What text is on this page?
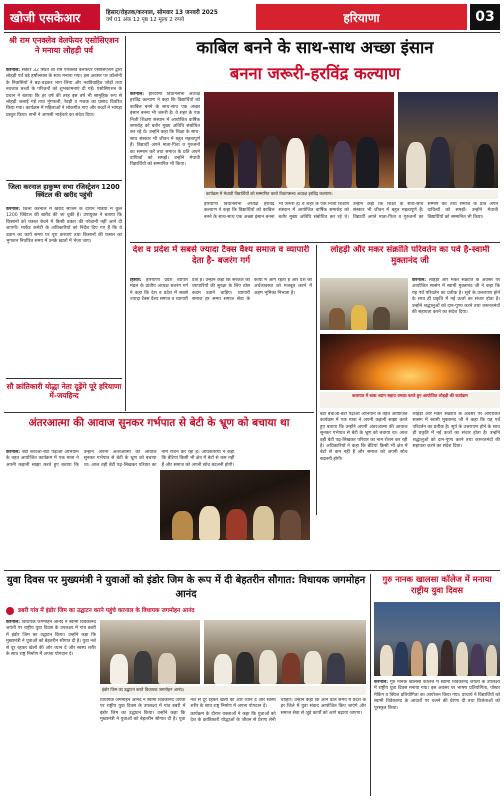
खोजी एसकेआर	हिसार/रोहतक/करनाल, सोमवार 13 जनवरी 2025
वर्ष 01 अंक 12 पृष्ठ 12 मूल्य 2 रुपये	हरियाणा	03
श्री राम एनक्लेव वेलफेयर एसोसिएशन ने मनाया लोहड़ी पर्व

करनाल: सेक्टर 32 स्थित श्री राम एनक्लेव वेलफेयर एसोसिएशन द्वारा लोहड़ी पर्व बड़े हर्षोल्लास के साथ मनाया गया। इस अवसर पर कॉलोनी के निवासियों ने बढ़-चढ़कर भाग लिया और नवविवाहित जोड़ों तथा नवजात बच्चों के परिजनों को शुभकामनाएं दी गईं। एसोसिएशन के प्रधान ने बताया कि हर वर्ष की तरह इस वर्ष भी सामूहिक रूप से लोहड़ी जलाई गई तथा मूंगफली, रेवड़ी व गजक का प्रसाद वितरित किया गया। कार्यक्रम में महिलाओं ने लोकगीत गाए और बच्चों ने भांगड़ा प्रस्तुत किया। सभी ने आपसी भाईचारे का संदेश दिया।

जिला करनाल हाकुष्ण सभा रजिस्ट्रेशन 1200 क्विंटल की खरीद पहुंची

करनाल: जिला करनाल में खरीद सीजन के दौरान मंडियों में कुल 1200 क्विंटल की खरीद की जा चुकी है। उपायुक्त ने बताया कि किसानों को फसल बेचने में किसी प्रकार की परेशानी नहीं आने दी जाएगी। मार्केट कमेटी के अधिकारियों को निर्देश दिए गए हैं कि वे उठान का कार्य समय पर पूरा करवाएं तथा किसानों की फसल का भुगतान निर्धारित समय में उनके खातों में भेजा जाए।

सौ क्रांतिकारी योद्धा नेता दूढ़ेंगे पूरे हरियाणा में-जयहिन्द
काबिल बनने के साथ-साथ अच्छा इंसान
बनना जरूरी-हरविंद्र कल्याण

करनाल: हरियाणा विधानसभा अध्यक्ष हरविंद्र कल्याण ने कहा कि विद्यार्थियों को काबिल बनने के साथ-साथ एक अच्छा इंसान बनना भी जरूरी है। वे शहर के एक निजी शिक्षण संस्थान में आयोजित वार्षिक समारोह को बतौर मुख्य अतिथि संबोधित कर रहे थे। उन्होंने कहा कि शिक्षा के साथ-साथ संस्कार भी जीवन में बहुत महत्वपूर्ण हैं। विद्यार्थी अपने माता-पिता व गुरुजनों का सम्मान करें तथा समाज के प्रति अपने दायित्वों को समझें। उन्होंने मेधावी विद्यार्थियों को सम्मानित भी किया।

कार्यक्रम में मेधावी विद्यार्थियों को सम्मानित करते विधानसभा अध्यक्ष हरविंद्र कल्याण।

हरियाणा विधानसभा अध्यक्ष हरविंद्र कल्याण ने कहा कि विद्यार्थियों को काबिल बनने के साथ-साथ एक अच्छा इंसान बनना भी जरूरी है। वे शहर के एक निजी शिक्षण संस्थान में आयोजित वार्षिक समारोह को बतौर मुख्य अतिथि संबोधित कर रहे थे। उन्होंने कहा कि शिक्षा के साथ-साथ संस्कार भी जीवन में बहुत महत्वपूर्ण हैं। विद्यार्थी अपने माता-पिता व गुरुजनों का सम्मान करें तथा समाज के प्रति अपने दायित्वों को समझें। उन्होंने मेधावी विद्यार्थियों को सम्मानित भी किया।

देश व प्रदेश में सबसे ज्यादा टैक्स वैश्य समाज व व्यापारी देता है- बजरंग गर्ग

हिसार: हरियाणा प्रदेश व्यापार मंडल के प्रांतीय अध्यक्ष बजरंग गर्ग ने कहा कि देश व प्रदेश में सबसे ज्यादा टैक्स वैश्य समाज व व्यापारी देता है। उन्होंने कहा कि सरकार को व्यापारियों की सुरक्षा के लिए ठोस कदम उठाने चाहिए। व्यापारी समाज हर समय समाज सेवा के कार्यों में आगे रहता है और देश की अर्थव्यवस्था को मजबूत करने में अहम भूमिका निभाता है।

लोहड़ी और मकर संक्रांति परिवर्तन का पर्व है-स्वामी मुक्तानंद जी

करनाल: लोहड़ी और मकर संक्रांति के अवसर पर आयोजित सत्संग में स्वामी मुक्तानंद जी ने कहा कि यह पर्व परिवर्तन का प्रतीक है। सूर्य के उत्तरायण होने के साथ ही प्रकृति में नई ऊर्जा का संचार होता है। उन्होंने श्रद्धालुओं को दान-पुण्य करने तथा जरूरतमंदों की सहायता करने का संदेश दिया।

कलायत में बाबा श्याम सहाय धमका करते हुए आयोजित लोहड़ी की कार्यक्रम
अंतरआत्मा की आवाज सुनकर गर्भपात से बेटी के भ्रूण को बचाया था

करनाल: बेटी बचाओ-बेटी पढ़ाओ अभियान के तहत आयोजित कार्यक्रम में एक माता ने अपनी कहानी साझा करते हुए बताया कि उन्होंने अपनी अंतरआत्मा की आवाज सुनकर गर्भपात से बेटी के भ्रूण को बचाया था। आज वही बेटी पढ़-लिखकर परिवार का नाम रोशन कर रही है। अधिकारियों ने कहा कि बेटियां किसी भी क्षेत्र में बेटों से कम नहीं हैं और समाज को अपनी सोच बदलनी होगी।

बेटी बचाओ-बेटी पढ़ाओ अभियान के तहत आयोजित कार्यक्रम में एक माता ने अपनी कहानी साझा करते हुए बताया कि उन्होंने अपनी अंतरआत्मा की आवाज सुनकर गर्भपात से बेटी के भ्रूण को बचाया था। आज वही बेटी पढ़-लिखकर परिवार का नाम रोशन कर रही है। अधिकारियों ने कहा कि बेटियां किसी भी क्षेत्र में बेटों से कम नहीं हैं और समाज को अपनी सोच बदलनी होगी।

लोहड़ी और मकर संक्रांति के अवसर पर आयोजित सत्संग में स्वामी मुक्तानंद जी ने कहा कि यह पर्व परिवर्तन का प्रतीक है। सूर्य के उत्तरायण होने के साथ ही प्रकृति में नई ऊर्जा का संचार होता है। उन्होंने श्रद्धालुओं को दान-पुण्य करने तथा जरूरतमंदों की सहायता करने का संदेश दिया।

युवा दिवस पर मुख्यमंत्री ने युवाओं को इंडोर जिम के रूप में दी बेहतरीन सौगात: विधायक जगमोहन आनंद
डबरी गांव में इंडोर जिम का उद्घाटन करने पहुंचे करनाल के विधायक जगमोहन आनंद

करनाल: विधायक जगमोहन आनंद ने स्वामी विवेकानंद जयंती पर राष्ट्रीय युवा दिवस के उपलक्ष्य में गांव डबरी में इंडोर जिम का उद्घाटन किया। उन्होंने कहा कि मुख्यमंत्री ने युवाओं को बेहतरीन सौगात दी है। युवा नशे से दूर रहकर खेलों की ओर ध्यान दें और स्वस्थ शरीर के साथ राष्ट्र निर्माण में अपना योगदान दें।

इंडोर जिम का उद्घाटन करते विधायक जगमोहन आनंद।

विधायक जगमोहन आनंद ने स्वामी विवेकानंद जयंती पर राष्ट्रीय युवा दिवस के उपलक्ष्य में गांव डबरी में इंडोर जिम का उद्घाटन किया। उन्होंने कहा कि मुख्यमंत्री ने युवाओं को बेहतरीन सौगात दी है। युवा नशे से दूर रहकर खेलों की ओर ध्यान दें और स्वस्थ शरीर के साथ राष्ट्र निर्माण में अपना योगदान दें।

कार्यक्रम के दौरान वक्ताओं ने कहा कि युवाओं को देश के क्रांतिकारी योद्धाओं के जीवन से प्रेरणा लेनी चाहिए। उन्होंने कहा कि आने वाले समय में प्रदेश के हर जिले में युवा संवाद आयोजित किए जाएंगे और समाज सेवा से जुड़े कार्यों को आगे बढ़ाया जाएगा।

गुरु नानक खालसा कॉलेज में मनाया राष्ट्रीय युवा दिवस

करनाल: गुरु नानक खालसा कॉलेज में स्वामी विवेकानंद जयंती के उपलक्ष्य में राष्ट्रीय युवा दिवस मनाया गया। इस अवसर पर भाषण प्रतियोगिता, पोस्टर मेकिंग व क्विज प्रतियोगिता का आयोजन किया गया। प्राचार्य ने विद्यार्थियों को स्वामी विवेकानंद के आदर्शों पर चलने की प्रेरणा दी तथा विजेताओं को पुरस्कृत किया।
